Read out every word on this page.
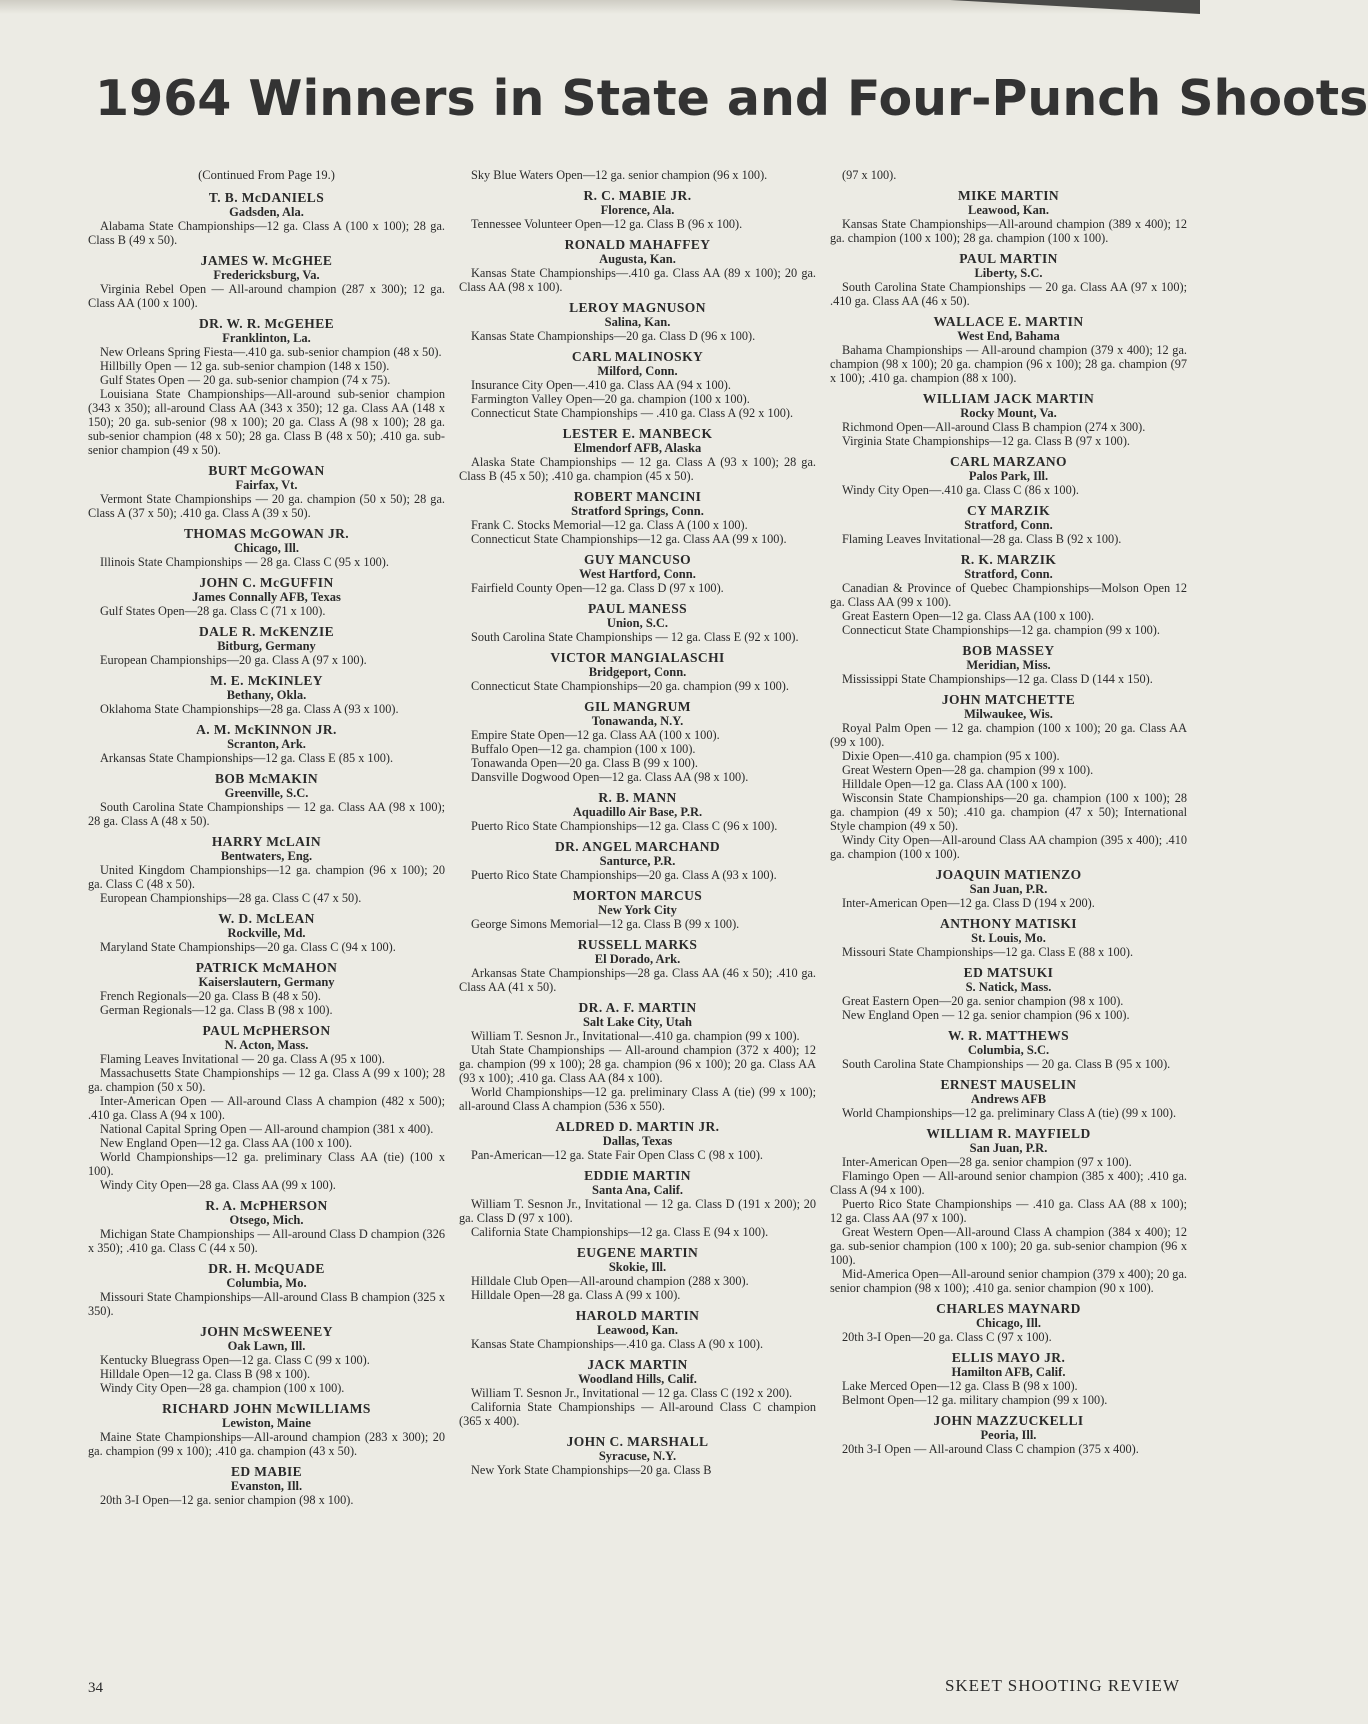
1964 Winners in State and Four-Punch Shoots
(Continued From Page 19.)
T. B. McDANIELS
Gadsden, Ala.

Alabama State Championships—12 ga. Class A (100 x 100); 28 ga. Class B (49 x 50).

JAMES W. McGHEE
Fredericksburg, Va.

Virginia Rebel Open — All-around champion (287 x 300); 12 ga. Class AA (100 x 100).

DR. W. R. McGEHEE
Franklinton, La.

New Orleans Spring Fiesta—.410 ga. sub-senior champion (48 x 50).

Hillbilly Open — 12 ga. sub-senior champion (148 x 150).

Gulf States Open — 20 ga. sub-senior champion (74 x 75).

Louisiana State Championships—All-around sub-senior champion (343 x 350); all-around Class AA (343 x 350); 12 ga. Class AA (148 x 150); 20 ga. sub-senior (98 x 100); 20 ga. Class A (98 x 100); 28 ga. sub-senior champion (48 x 50); 28 ga. Class B (48 x 50); .410 ga. sub-senior champion (49 x 50).

BURT McGOWAN
Fairfax, Vt.

Vermont State Championships — 20 ga. champion (50 x 50); 28 ga. Class A (37 x 50); .410 ga. Class A (39 x 50).

THOMAS McGOWAN JR.
Chicago, Ill.

Illinois State Championships — 28 ga. Class C (95 x 100).

JOHN C. McGUFFIN
James Connally AFB, Texas

Gulf States Open—28 ga. Class C (71 x 100).

DALE R. McKENZIE
Bitburg, Germany

European Championships—20 ga. Class A (97 x 100).

M. E. McKINLEY
Bethany, Okla.

Oklahoma State Championships—28 ga. Class A (93 x 100).

A. M. McKINNON JR.
Scranton, Ark.

Arkansas State Championships—12 ga. Class E (85 x 100).

BOB McMAKIN
Greenville, S.C.

South Carolina State Championships — 12 ga. Class AA (98 x 100); 28 ga. Class A (48 x 50).

HARRY McLAIN
Bentwaters, Eng.

United Kingdom Championships—12 ga. champion (96 x 100); 20 ga. Class C (48 x 50).

European Championships—28 ga. Class C (47 x 50).

W. D. McLEAN
Rockville, Md.

Maryland State Championships—20 ga. Class C (94 x 100).

PATRICK McMAHON
Kaiserslautern, Germany

French Regionals—20 ga. Class B (48 x 50).

German Regionals—12 ga. Class B (98 x 100).

PAUL McPHERSON
N. Acton, Mass.

Flaming Leaves Invitational — 20 ga. Class A (95 x 100).

Massachusetts State Championships — 12 ga. Class A (99 x 100); 28 ga. champion (50 x 50).

Inter-American Open — All-around Class A champion (482 x 500); .410 ga. Class A (94 x 100).

National Capital Spring Open — All-around champion (381 x 400).

New England Open—12 ga. Class AA (100 x 100).

World Championships—12 ga. preliminary Class AA (tie) (100 x 100).

Windy City Open—28 ga. Class AA (99 x 100).

R. A. McPHERSON
Otsego, Mich.

Michigan State Championships — All-around Class D champion (326 x 350); .410 ga. Class C (44 x 50).

DR. H. McQUADE
Columbia, Mo.

Missouri State Championships—All-around Class B champion (325 x 350).

JOHN McSWEENEY
Oak Lawn, Ill.

Kentucky Bluegrass Open—12 ga. Class C (99 x 100).

Hilldale Open—12 ga. Class B (98 x 100).

Windy City Open—28 ga. champion (100 x 100).

RICHARD JOHN McWILLIAMS
Lewiston, Maine

Maine State Championships—All-around champion (283 x 300); 20 ga. champion (99 x 100); .410 ga. champion (43 x 50).

ED MABIE
Evanston, Ill.

20th 3-I Open—12 ga. senior champion (98 x 100).

Sky Blue Waters Open—12 ga. senior champion (96 x 100).

R. C. MABIE JR.
Florence, Ala.

Tennessee Volunteer Open—12 ga. Class B (96 x 100).

RONALD MAHAFFEY
Augusta, Kan.

Kansas State Championships—.410 ga. Class AA (89 x 100); 20 ga. Class AA (98 x 100).

LEROY MAGNUSON
Salina, Kan.

Kansas State Championships—20 ga. Class D (96 x 100).

CARL MALINOSKY
Milford, Conn.

Insurance City Open—.410 ga. Class AA (94 x 100).

Farmington Valley Open—20 ga. champion (100 x 100).

Connecticut State Championships — .410 ga. Class A (92 x 100).

LESTER E. MANBECK
Elmendorf AFB, Alaska

Alaska State Championships — 12 ga. Class A (93 x 100); 28 ga. Class B (45 x 50); .410 ga. champion (45 x 50).

ROBERT MANCINI
Stratford Springs, Conn.

Frank C. Stocks Memorial—12 ga. Class A (100 x 100).

Connecticut State Championships—12 ga. Class AA (99 x 100).

GUY MANCUSO
West Hartford, Conn.

Fairfield County Open—12 ga. Class D (97 x 100).

PAUL MANESS
Union, S.C.

South Carolina State Championships — 12 ga. Class E (92 x 100).

VICTOR MANGIALASCHI
Bridgeport, Conn.

Connecticut State Championships—20 ga. champion (99 x 100).

GIL MANGRUM
Tonawanda, N.Y.

Empire State Open—12 ga. Class AA (100 x 100).

Buffalo Open—12 ga. champion (100 x 100).

Tonawanda Open—20 ga. Class B (99 x 100).

Dansville Dogwood Open—12 ga. Class AA (98 x 100).

R. B. MANN
Aquadillo Air Base, P.R.

Puerto Rico State Championships—12 ga. Class C (96 x 100).

DR. ANGEL MARCHAND
Santurce, P.R.

Puerto Rico State Championships—20 ga. Class A (93 x 100).

MORTON MARCUS
New York City

George Simons Memorial—12 ga. Class B (99 x 100).

RUSSELL MARKS
El Dorado, Ark.

Arkansas State Championships—28 ga. Class AA (46 x 50); .410 ga. Class AA (41 x 50).

DR. A. F. MARTIN
Salt Lake City, Utah

William T. Sesnon Jr., Invitational—.410 ga. champion (99 x 100).

Utah State Championships — All-around champion (372 x 400); 12 ga. champion (99 x 100); 28 ga. champion (96 x 100); 20 ga. Class AA (93 x 100); .410 ga. Class AA (84 x 100).

World Championships—12 ga. preliminary Class A (tie) (99 x 100); all-around Class A champion (536 x 550).

ALDRED D. MARTIN JR.
Dallas, Texas

Pan-American—12 ga. State Fair Open Class C (98 x 100).

EDDIE MARTIN
Santa Ana, Calif.

William T. Sesnon Jr., Invitational — 12 ga. Class D (191 x 200); 20 ga. Class D (97 x 100).

California State Championships—12 ga. Class E (94 x 100).

EUGENE MARTIN
Skokie, Ill.

Hilldale Club Open—All-around champion (288 x 300).

Hilldale Open—28 ga. Class A (99 x 100).

HAROLD MARTIN
Leawood, Kan.

Kansas State Championships—.410 ga. Class A (90 x 100).

JACK MARTIN
Woodland Hills, Calif.

William T. Sesnon Jr., Invitational — 12 ga. Class C (192 x 200).

California State Championships — All-around Class C champion (365 x 400).

JOHN C. MARSHALL
Syracuse, N.Y.

New York State Championships—20 ga. Class B

(97 x 100).

MIKE MARTIN
Leawood, Kan.

Kansas State Championships—All-around champion (389 x 400); 12 ga. champion (100 x 100); 28 ga. champion (100 x 100).

PAUL MARTIN
Liberty, S.C.

South Carolina State Championships — 20 ga. Class AA (97 x 100); .410 ga. Class AA (46 x 50).

WALLACE E. MARTIN
West End, Bahama

Bahama Championships — All-around champion (379 x 400); 12 ga. champion (98 x 100); 20 ga. champion (96 x 100); 28 ga. champion (97 x 100); .410 ga. champion (88 x 100).

WILLIAM JACK MARTIN
Rocky Mount, Va.

Richmond Open—All-around Class B champion (274 x 300).

Virginia State Championships—12 ga. Class B (97 x 100).

CARL MARZANO
Palos Park, Ill.

Windy City Open—.410 ga. Class C (86 x 100).

CY MARZIK
Stratford, Conn.

Flaming Leaves Invitational—28 ga. Class B (92 x 100).

R. K. MARZIK
Stratford, Conn.

Canadian & Province of Quebec Championships—Molson Open 12 ga. Class AA (99 x 100).

Great Eastern Open—12 ga. Class AA (100 x 100).

Connecticut State Championships—12 ga. champion (99 x 100).

BOB MASSEY
Meridian, Miss.

Mississippi State Championships—12 ga. Class D (144 x 150).

JOHN MATCHETTE
Milwaukee, Wis.

Royal Palm Open — 12 ga. champion (100 x 100); 20 ga. Class AA (99 x 100).

Dixie Open—.410 ga. champion (95 x 100).

Great Western Open—28 ga. champion (99 x 100).

Hilldale Open—12 ga. Class AA (100 x 100).

Wisconsin State Championships—20 ga. champion (100 x 100); 28 ga. champion (49 x 50); .410 ga. champion (47 x 50); International Style champion (49 x 50).

Windy City Open—All-around Class AA champion (395 x 400); .410 ga. champion (100 x 100).

JOAQUIN MATIENZO
San Juan, P.R.

Inter-American Open—12 ga. Class D (194 x 200).

ANTHONY MATISKI
St. Louis, Mo.

Missouri State Championships—12 ga. Class E (88 x 100).

ED MATSUKI
S. Natick, Mass.

Great Eastern Open—20 ga. senior champion (98 x 100).

New England Open — 12 ga. senior champion (96 x 100).

W. R. MATTHEWS
Columbia, S.C.

South Carolina State Championships — 20 ga. Class B (95 x 100).

ERNEST MAUSELIN
Andrews AFB

World Championships—12 ga. preliminary Class A (tie) (99 x 100).

WILLIAM R. MAYFIELD
San Juan, P.R.

Inter-American Open—28 ga. senior champion (97 x 100).

Flamingo Open — All-around senior champion (385 x 400); .410 ga. Class A (94 x 100).

Puerto Rico State Championships — .410 ga. Class AA (88 x 100); 12 ga. Class AA (97 x 100).

Great Western Open—All-around Class A champion (384 x 400); 12 ga. sub-senior champion (100 x 100); 20 ga. sub-senior champion (96 x 100).

Mid-America Open—All-around senior champion (379 x 400); 20 ga. senior champion (98 x 100); .410 ga. senior champion (90 x 100).

CHARLES MAYNARD
Chicago, Ill.

20th 3-I Open—20 ga. Class C (97 x 100).

ELLIS MAYO JR.
Hamilton AFB, Calif.

Lake Merced Open—12 ga. Class B (98 x 100).

Belmont Open—12 ga. military champion (99 x 100).

JOHN MAZZUCKELLI
Peoria, Ill.

20th 3-I Open — All-around Class C champion (375 x 400).

34	SKEET SHOOTING REVIEW
